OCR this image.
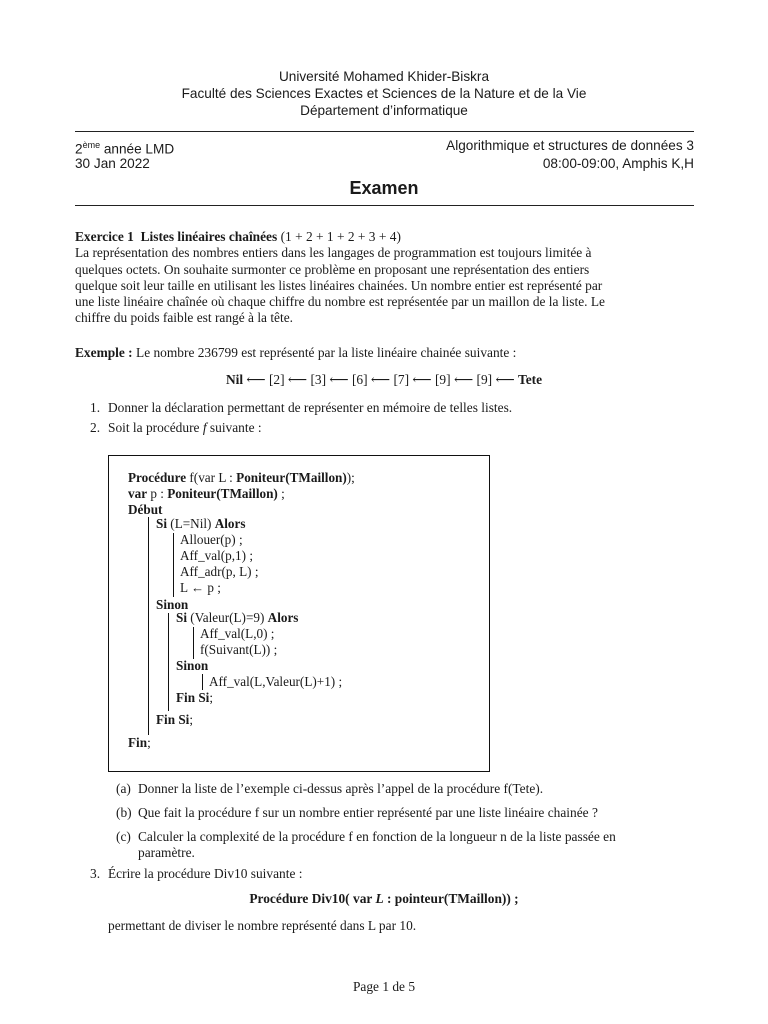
Université Mohamed Khider-Biskra
Faculté des Sciences Exactes et Sciences de la Nature et de la Vie
Département d’informatique
2ème année LMD	Algorithmique et structures de données 3
30 Jan 2022	08:00-09:00, Amphis K,H
Examen
Exercice 1 Listes linéaires chaînées (1 + 2 + 1 + 2 + 3 + 4)
La représentation des nombres entiers dans les langages de programmation est toujours limitée à
quelques octets. On souhaite surmonter ce problème en proposant une représentation des entiers
quelque soit leur taille en utilisant les listes linéaires chainées. Un nombre entier est représenté par
une liste linéaire chaînée où chaque chiffre du nombre est représentée par un maillon de la liste. Le
chiffre du poids faible est rangé à la tête.
Exemple : Le nombre 236799 est représenté par la liste linéaire chainée suivante :
Nil ⟵ [2] ⟵ [3] ⟵ [6] ⟵ [7] ⟵ [9] ⟵ [9] ⟵ Tete
1. Donner la déclaration permettant de représenter en mémoire de telles listes.
2. Soit la procédure f suivante :
Procédure f(var L : Poniteur(TMaillon));
var p : Poniteur(TMaillon) ;
Début
Si (L=Nil) Alors
Allouer(p) ;
Aff_val(p,1) ;
Aff_adr(p, L) ;
L ← p ;
Sinon
Si (Valeur(L)=9) Alors
Aff_val(L,0) ;
f(Suivant(L)) ;
Sinon
Aff_val(L,Valeur(L)+1) ;
Fin Si;
Fin Si;
Fin;
(a) Donner la liste de l’exemple ci-dessus après l’appel de la procédure f(Tete).
(b) Que fait la procédure f sur un nombre entier représenté par une liste linéaire chainée ?
(c) Calculer la complexité de la procédure f en fonction de la longueur n de la liste passée en
paramètre.
3. Écrire la procédure Div10 suivante :
Procédure Div10( var L : pointeur(TMaillon)) ;
permettant de diviser le nombre représenté dans L par 10.
Page 1 de 5
